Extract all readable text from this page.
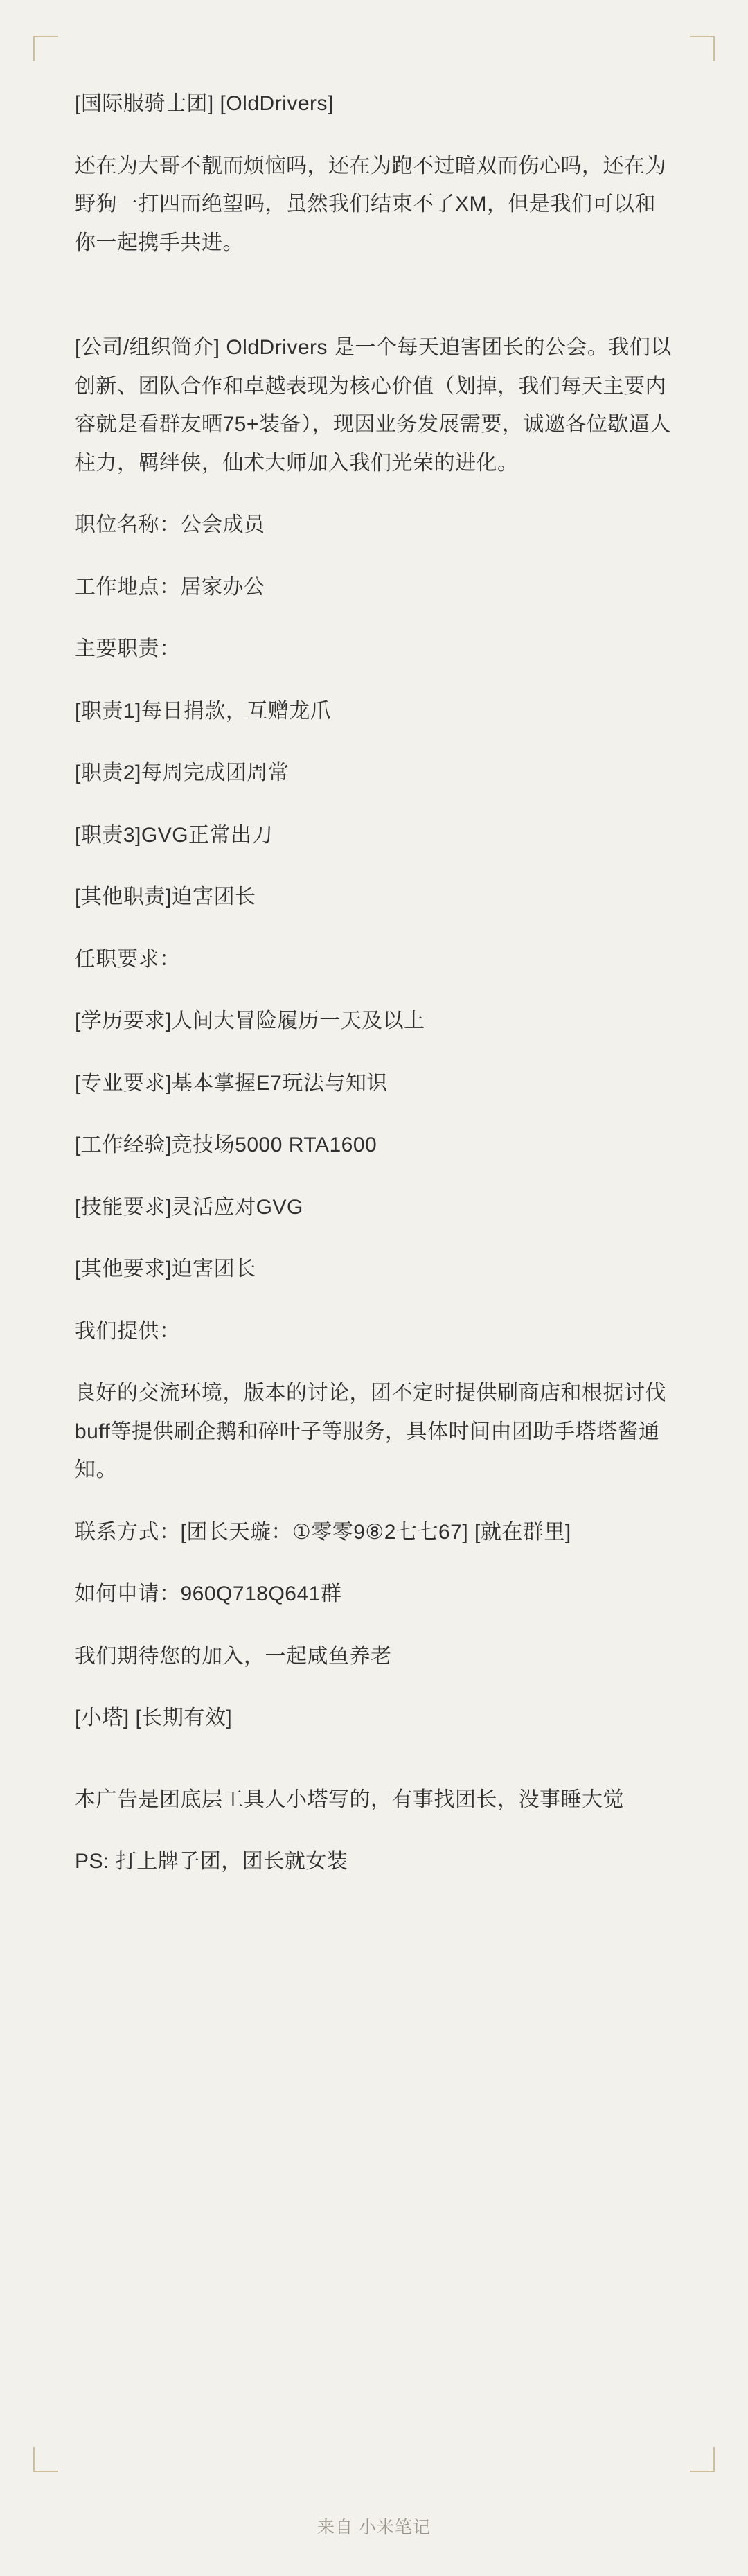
[国际服骑士团] [OldDrivers]

还在为大哥不靓而烦恼吗，还在为跑不过暗双而伤心吗，还在为野狗一打四而绝望吗，虽然我们结束不了XM，但是我们可以和你一起携手共进。

[公司/组织简介] OldDrivers 是一个每天迫害团长的公会。我们以创新、团队合作和卓越表现为核心价值（划掉，我们每天主要内容就是看群友晒75+装备），现因业务发展需要，诚邀各位歇逼人柱力，羁绊侠，仙术大师加入我们光荣的进化。

职位名称：公会成员

工作地点：居家办公

主要职责：

[职责1]每日捐款，互赠龙爪

[职责2]每周完成团周常

[职责3]GVG正常出刀

[其他职责]迫害团长

任职要求：

[学历要求]人间大冒险履历一天及以上

[专业要求]基本掌握E7玩法与知识

[工作经验]竞技场5000 RTA1600

[技能要求]灵活应对GVG

[其他要求]迫害团长

我们提供：

良好的交流环境，版本的讨论，团不定时提供刷商店和根据讨伐buff等提供刷企鹅和碎叶子等服务，具体时间由团助手塔塔酱通知。

联系方式：[团长天璇：①零零9⑧2七七67] [就在群里]

如何申请：960Q718Q641群

我们期待您的加入，一起咸鱼养老

[小塔] [长期有效]

本广告是团底层工具人小塔写的，有事找团长，没事睡大觉

PS: 打上牌子团，团长就女装

来自 小米笔记
